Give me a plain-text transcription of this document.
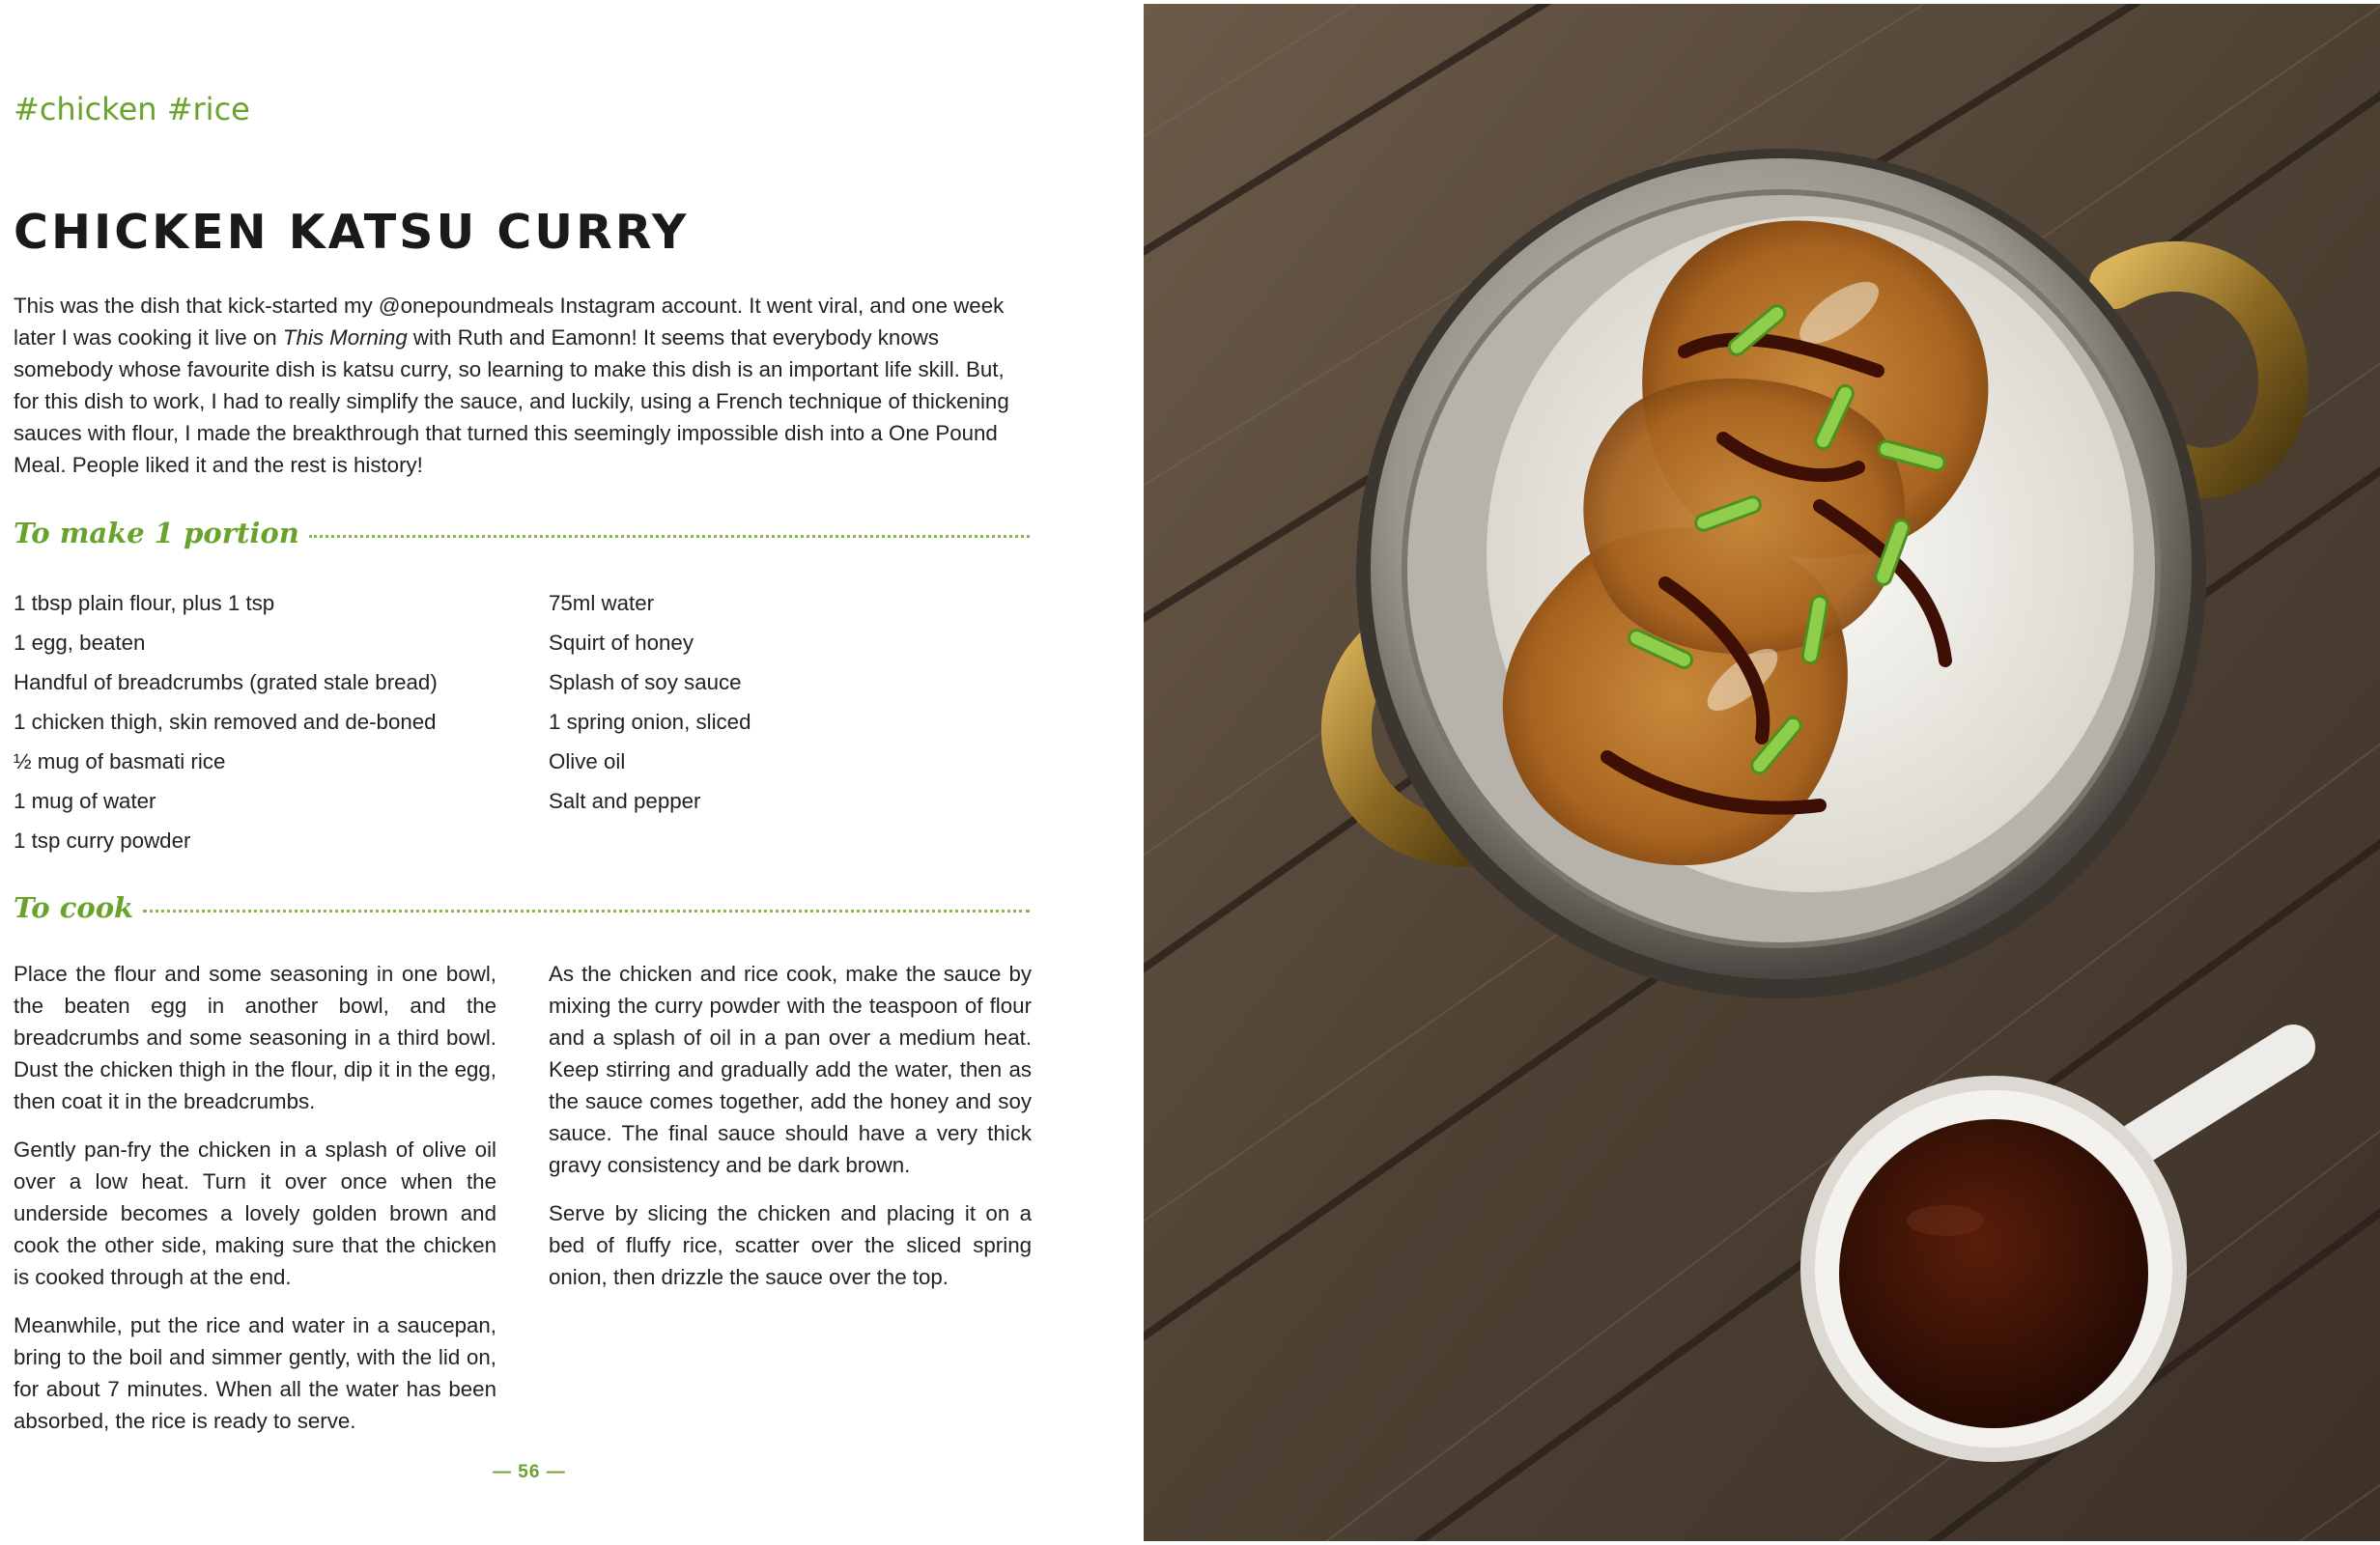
#chicken #rice
CHICKEN KATSU CURRY

This was the dish that kick-started my @onepoundmeals Instagram account. It went viral, and one week later I was cooking it live on This Morning with Ruth and Eamonn! It seems that everybody knows somebody whose favourite dish is katsu curry, so learning to make this dish is an important life skill. But, for this dish to work, I had to really simplify the sauce, and luckily, using a French technique of thickening sauces with flour, I made the breakthrough that turned this seemingly impossible dish into a One Pound Meal. People liked it and the rest is history!

To make 1 portion
1 tbsp plain flour, plus 1 tsp
1 egg, beaten
Handful of breadcrumbs (grated stale bread)
1 chicken thigh, skin removed and de-boned
½ mug of basmati rice
1 mug of water
1 tsp curry powder
75ml water
Squirt of honey
Splash of soy sauce
1 spring onion, sliced
Olive oil
Salt and pepper
To cook

Place the flour and some seasoning in one bowl, the beaten egg in another bowl, and the breadcrumbs and some seasoning in a third bowl. Dust the chicken thigh in the flour, dip it in the egg, then coat it in the breadcrumbs.

Gently pan-fry the chicken in a splash of olive oil over a low heat. Turn it over once when the underside becomes a lovely golden brown and cook the other side, making sure that the chicken is cooked through at the end.

Meanwhile, put the rice and water in a saucepan, bring to the boil and simmer gently, with the lid on, for about 7 minutes. When all the water has been absorbed, the rice is ready to serve.

As the chicken and rice cook, make the sauce by mixing the curry powder with the teaspoon of flour and a splash of oil in a pan over a medium heat. Keep stirring and gradually add the water, then as the sauce comes together, add the honey and soy sauce. The final sauce should have a very thick gravy consistency and be dark brown.

Serve by slicing the chicken and placing it on a bed of fluffy rice, scatter over the sliced spring onion, then drizzle the sauce over the top.

— 56 —
